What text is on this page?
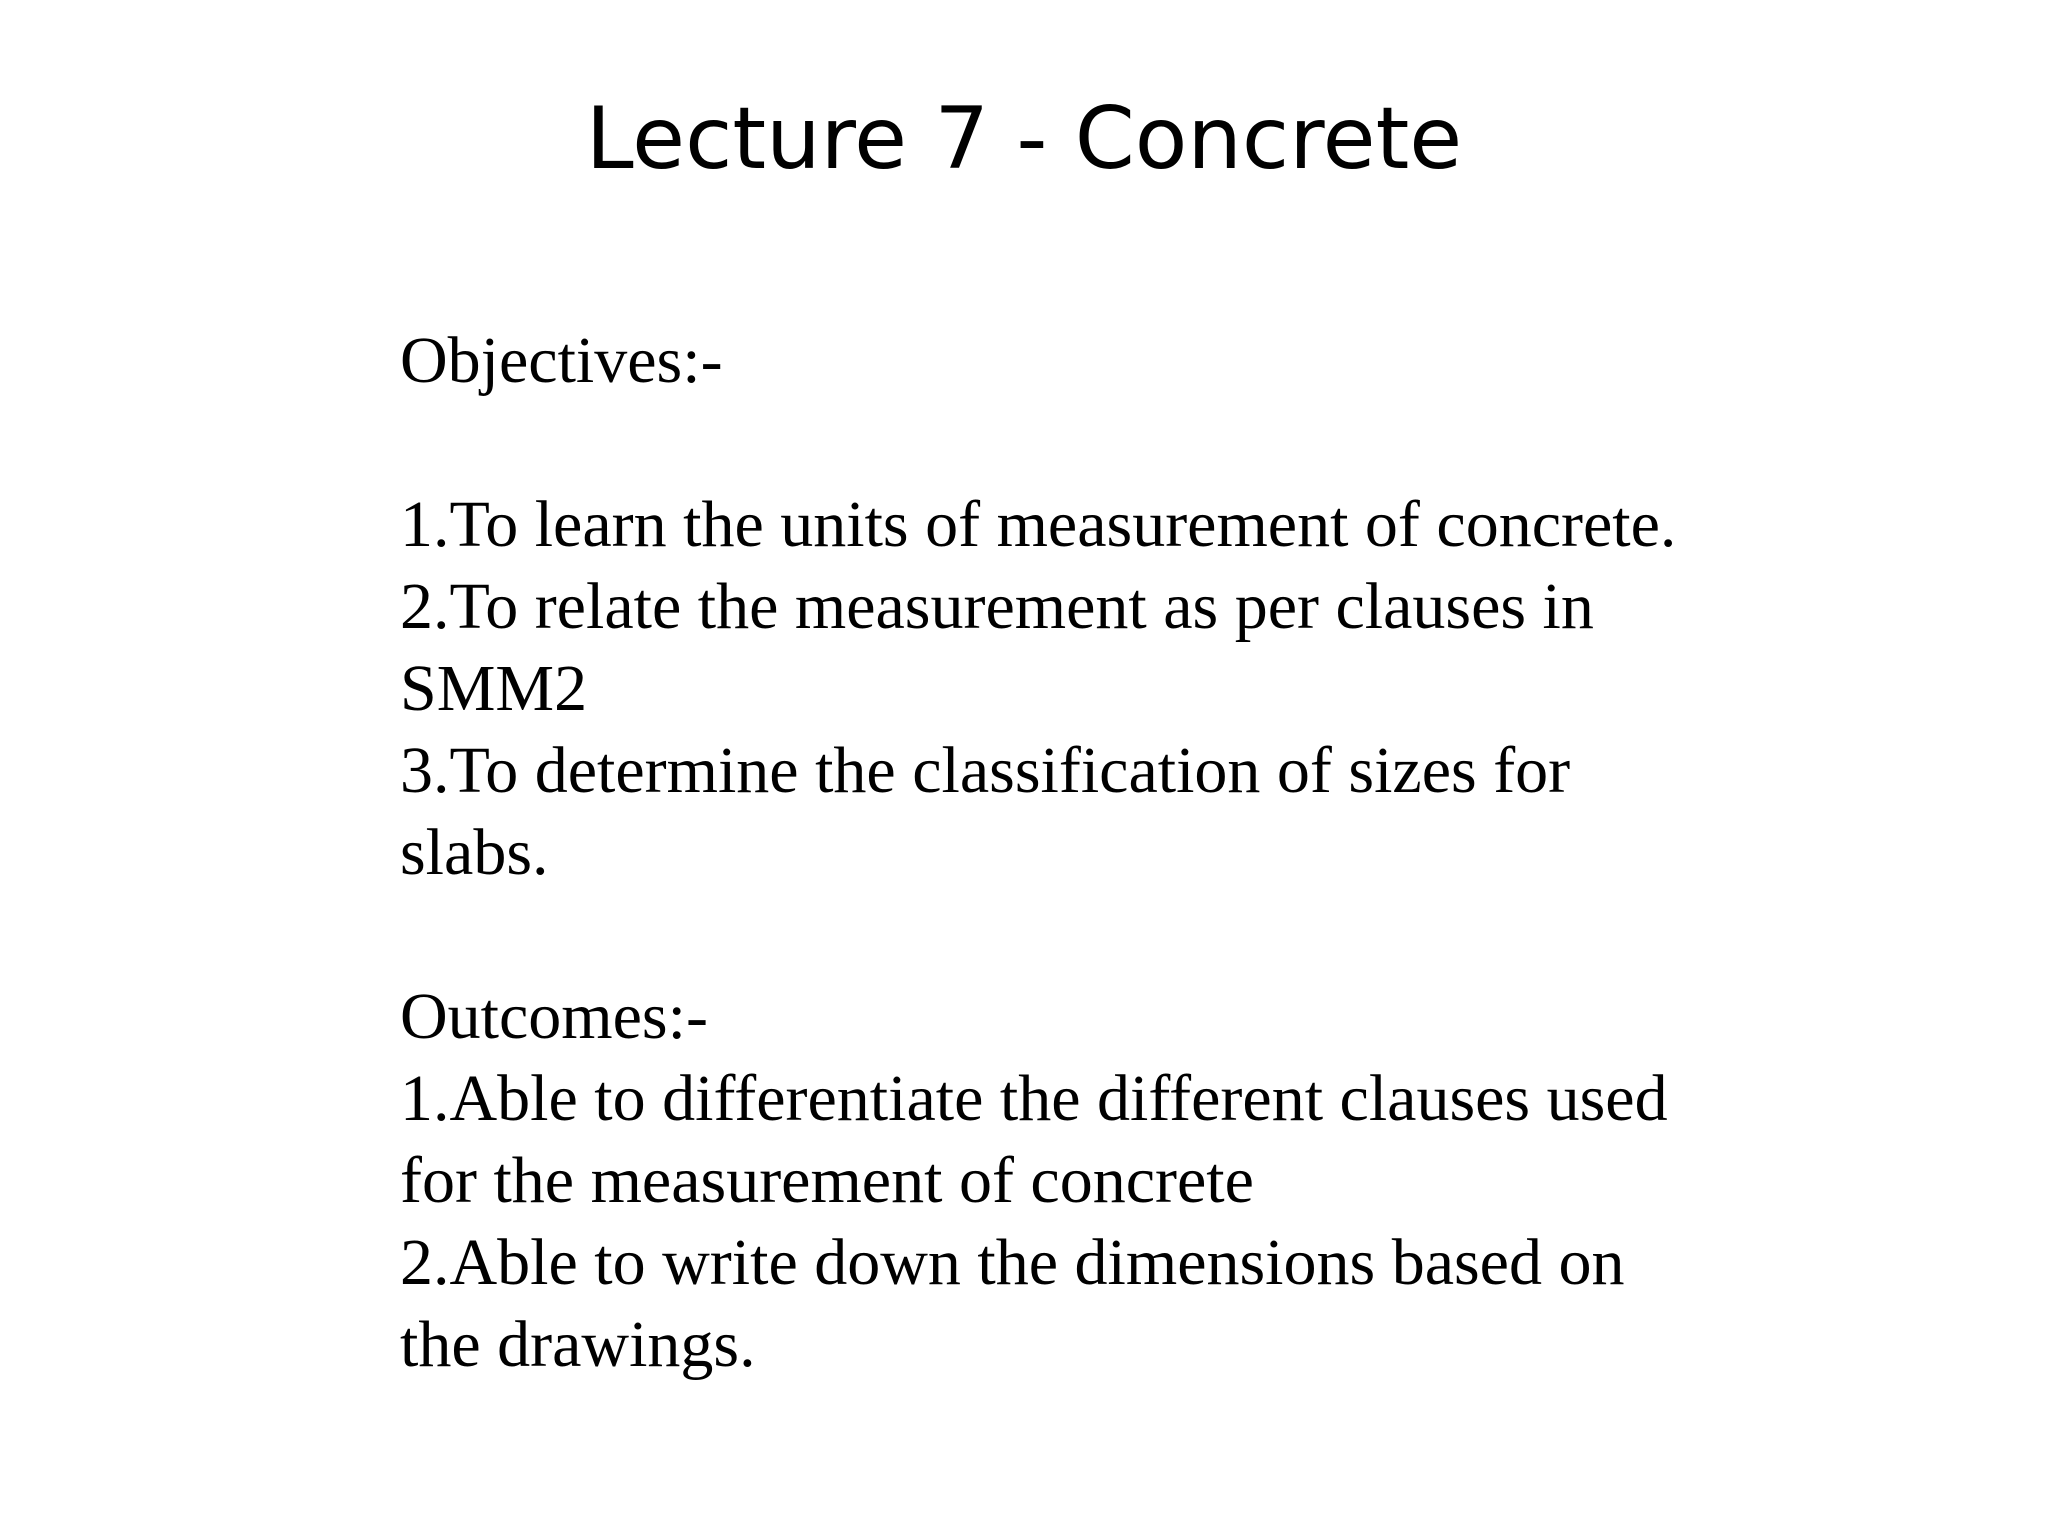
Lecture 7 - Concrete
Objectives:-
1.To learn the units of measurement of concrete.
2.To relate the measurement as per clauses in
SMM2
3.To determine the classification of sizes for
slabs.
Outcomes:-
1.Able to differentiate the different clauses used
for the measurement of concrete
2.Able to write down the dimensions based on
the drawings.
